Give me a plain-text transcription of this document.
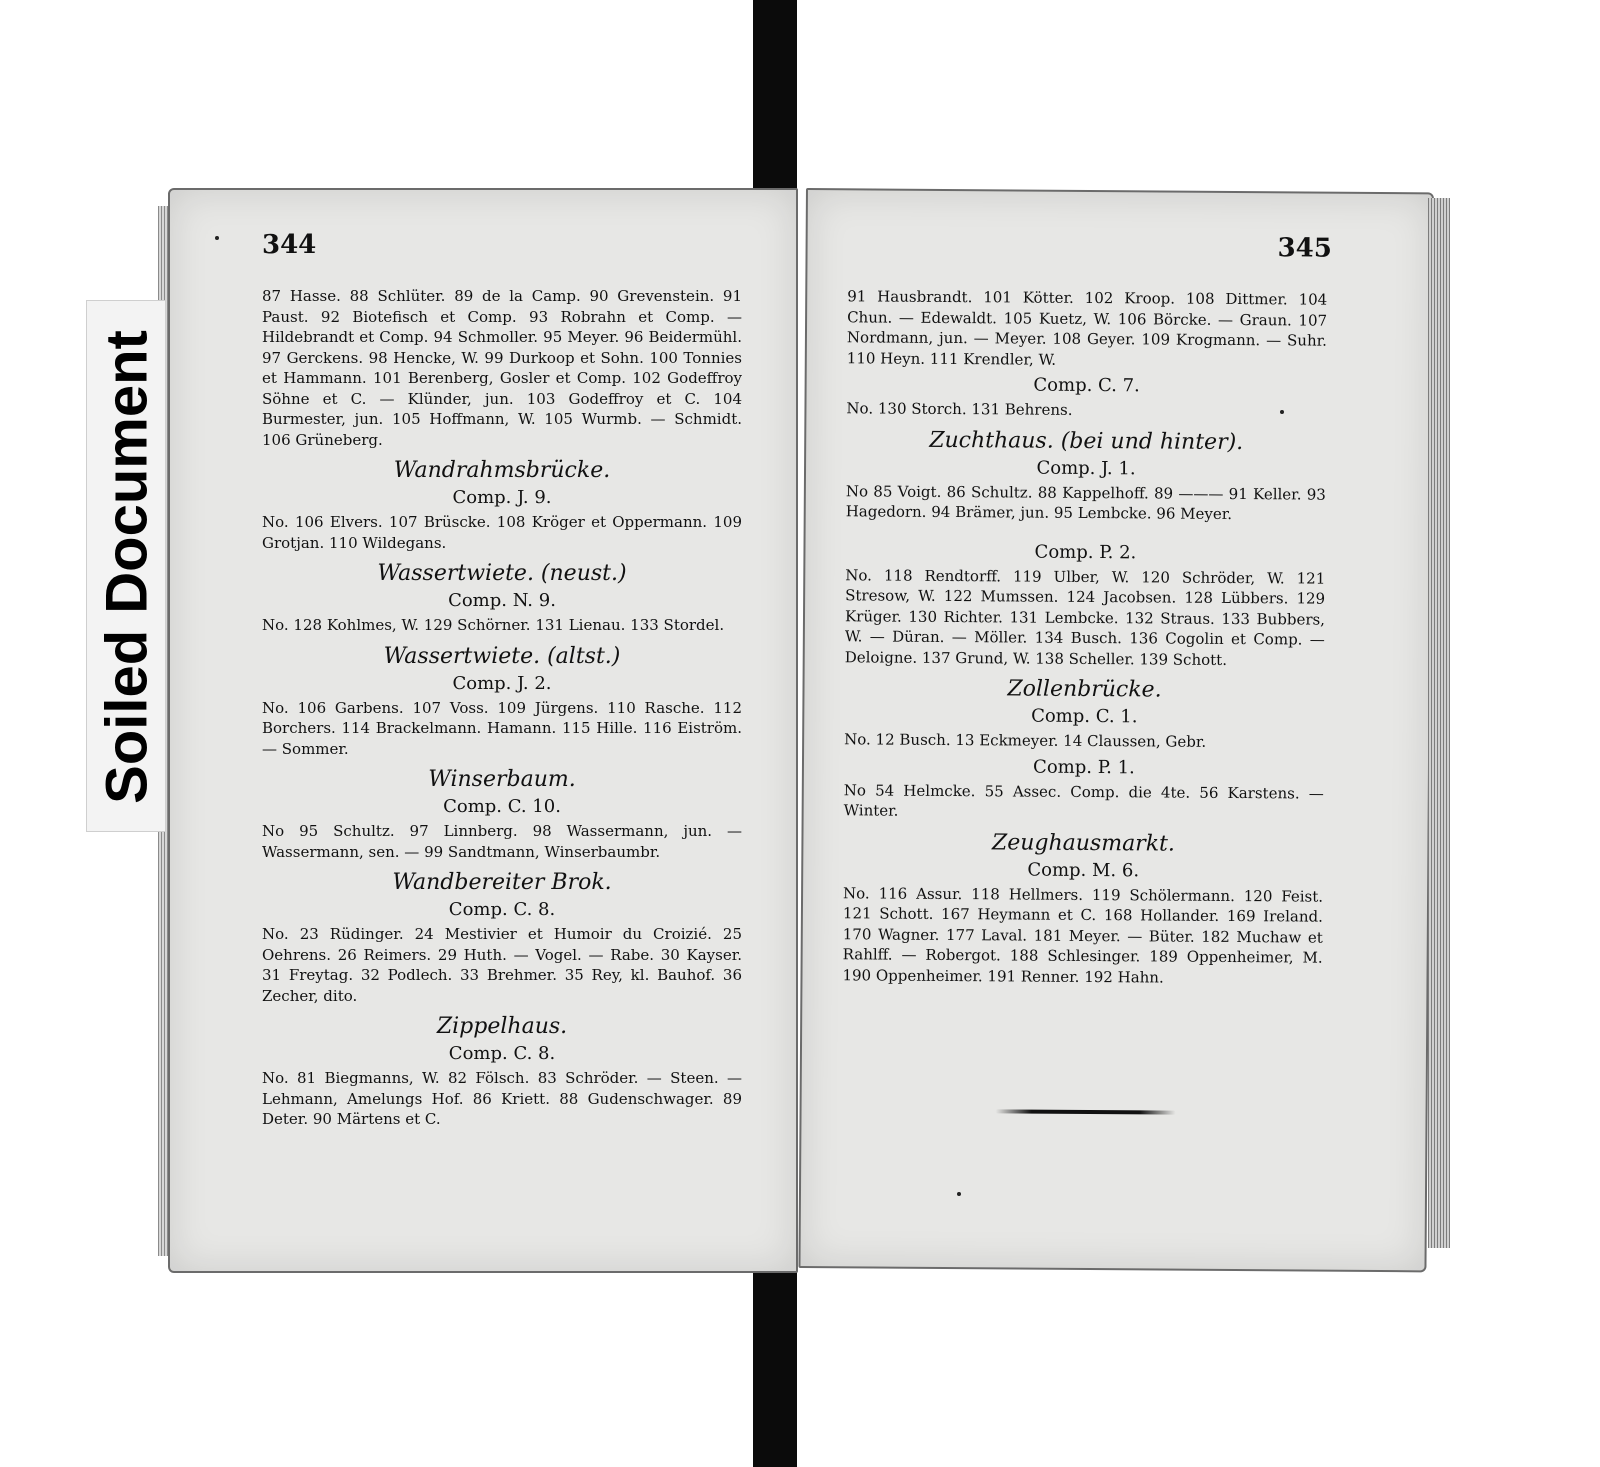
344
87 Hasse. 88 Schlüter. 89 de la Camp. 90 Grevenstein. 91 Paust. 92 Biotefisch et Comp. 93 Robrahn et Comp. — Hildebrandt et Comp. 94 Schmoller. 95 Meyer. 96 Beidermühl. 97 Gerckens. 98 Hencke, W. 99 Durkoop et Sohn. 100 Tonnies et Hammann. 101 Berenberg, Gosler et Comp. 102 Godeffroy Söhne et C. — Klünder, jun. 103 Godeffroy et C. 104 Burmester, jun. 105 Hoffmann, W. 105 Wurmb. — Schmidt. 106 Grüneberg.
Wandrahmsbrücke.
Comp. J. 9.
No. 106 Elvers. 107 Brüscke. 108 Kröger et Oppermann. 109 Grotjan. 110 Wildegans.
Wassertwiete. (neust.)
Comp. N. 9.
No. 128 Kohlmes, W. 129 Schörner. 131 Lienau. 133 Stordel.
Wassertwiete. (altst.)
Comp. J. 2.
No. 106 Garbens. 107 Voss. 109 Jürgens. 110 Rasche. 112 Borchers. 114 Brackelmann. Hamann. 115 Hille. 116 Eiström. — Sommer.
Winserbaum.
Comp. C. 10.
No 95 Schultz. 97 Linnberg. 98 Wassermann, jun. — Wassermann, sen. — 99 Sandtmann, Winserbaumbr.
Wandbereiter Brok.
Comp. C. 8.
No. 23 Rüdinger. 24 Mestivier et Humoir du Croizié. 25 Oehrens. 26 Reimers. 29 Huth. — Vogel. — Rabe. 30 Kayser. 31 Freytag. 32 Podlech. 33 Brehmer. 35 Rey, kl. Bauhof. 36 Zecher, dito.
Zippelhaus.
Comp. C. 8.
No. 81 Biegmanns, W. 82 Fölsch. 83 Schröder. — Steen. — Lehmann, Amelungs Hof. 86 Kriett. 88 Gudenschwager. 89 Deter. 90 Märtens et C.
345
91 Hausbrandt. 101 Kötter. 102 Kroop. 108 Dittmer. 104 Chun. — Edewaldt. 105 Kuetz, W. 106 Börcke. — Graun. 107 Nordmann, jun. — Meyer. 108 Geyer. 109 Krogmann. — Suhr. 110 Heyn. 111 Krendler, W.
Comp. C. 7.
No. 130 Storch. 131 Behrens.
Zuchthaus. (bei und hinter).
Comp. J. 1.
No 85 Voigt. 86 Schultz. 88 Kappelhoff. 89 ——— 91 Keller. 93 Hagedorn. 94 Brämer, jun. 95 Lembcke. 96 Meyer.
Comp. P. 2.
No. 118 Rendtorff. 119 Ulber, W. 120 Schröder, W. 121 Stresow, W. 122 Mumssen. 124 Jacobsen. 128 Lübbers. 129 Krüger. 130 Richter. 131 Lembcke. 132 Straus. 133 Bubbers, W. — Düran. — Möller. 134 Busch. 136 Cogolin et Comp. — Deloigne. 137 Grund, W. 138 Scheller. 139 Schott.
Zollenbrücke.
Comp. C. 1.
No. 12 Busch. 13 Eckmeyer. 14 Claussen, Gebr.
Comp. P. 1.
No 54 Helmcke. 55 Assec. Comp. die 4te. 56 Karstens. — Winter.
Zeughausmarkt.
Comp. M. 6.
No. 116 Assur. 118 Hellmers. 119 Schölermann. 120 Feist. 121 Schott. 167 Heymann et C. 168 Hollander. 169 Ireland. 170 Wagner. 177 Laval. 181 Meyer. — Büter. 182 Muchaw et Rahlff. — Robergot. 188 Schlesinger. 189 Oppenheimer, M. 190 Oppenheimer. 191 Renner. 192 Hahn.
Soiled Document
